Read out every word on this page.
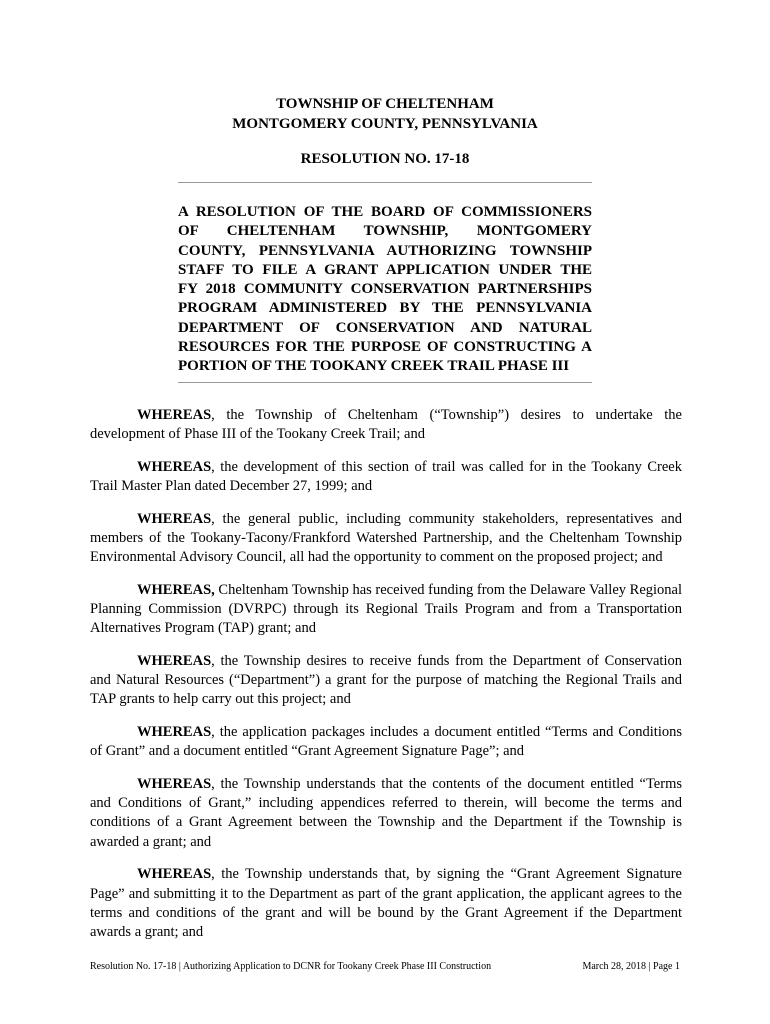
TOWNSHIP OF CHELTENHAM
MONTGOMERY COUNTY, PENNSYLVANIA
RESOLUTION NO. 17-18
A RESOLUTION OF THE BOARD OF COMMISSIONERS
OF CHELTENHAM TOWNSHIP, MONTGOMERY
COUNTY, PENNSYLVANIA AUTHORIZING TOWNSHIP
STAFF TO FILE A GRANT APPLICATION UNDER THE
FY 2018 COMMUNITY CONSERVATION PARTNERSHIPS
PROGRAM ADMINISTERED BY THE PENNSYLVANIA
DEPARTMENT OF CONSERVATION AND NATURAL
RESOURCES FOR THE PURPOSE OF CONSTRUCTING A
PORTION OF THE TOOKANY CREEK TRAIL PHASE III

WHEREAS, the Township of Cheltenham (“Township”) desires to undertake the development of Phase III of the Tookany Creek Trail; and

WHEREAS, the development of this section of trail was called for in the Tookany Creek Trail Master Plan dated December 27, 1999; and

WHEREAS, the general public, including community stakeholders, representatives and members of the Tookany-Tacony/Frankford Watershed Partnership, and the Cheltenham Township Environmental Advisory Council, all had the opportunity to comment on the proposed project; and

WHEREAS, Cheltenham Township has received funding from the Delaware Valley Regional Planning Commission (DVRPC) through its Regional Trails Program and from a Transportation Alternatives Program (TAP) grant; and

WHEREAS, the Township desires to receive funds from the Department of Conservation and Natural Resources (“Department”) a grant for the purpose of matching the Regional Trails and TAP grants to help carry out this project; and

WHEREAS, the application packages includes a document entitled “Terms and Conditions of Grant” and a document entitled “Grant Agreement Signature Page”; and

WHEREAS, the Township understands that the contents of the document entitled “Terms and Conditions of Grant,” including appendices referred to therein, will become the terms and conditions of a Grant Agreement between the Township and the Department if the Township is awarded a grant; and

WHEREAS, the Township understands that, by signing the “Grant Agreement Signature Page” and submitting it to the Department as part of the grant application, the applicant agrees to the terms and conditions of the grant and will be bound by the Grant Agreement if the Department awards a grant; and

Resolution No. 17-18 | Authorizing Application to DCNR for Tookany Creek Phase III Construction	March 28, 2018 | Page 1
